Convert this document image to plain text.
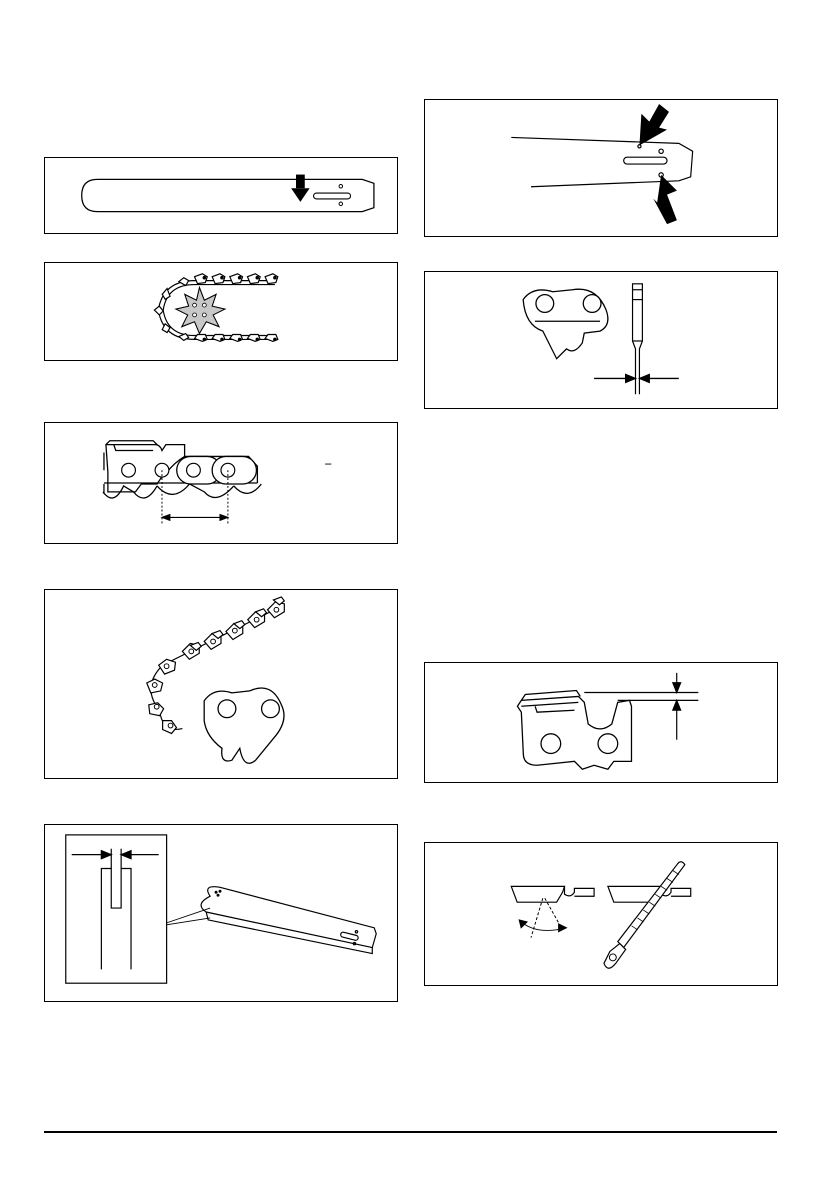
‾
